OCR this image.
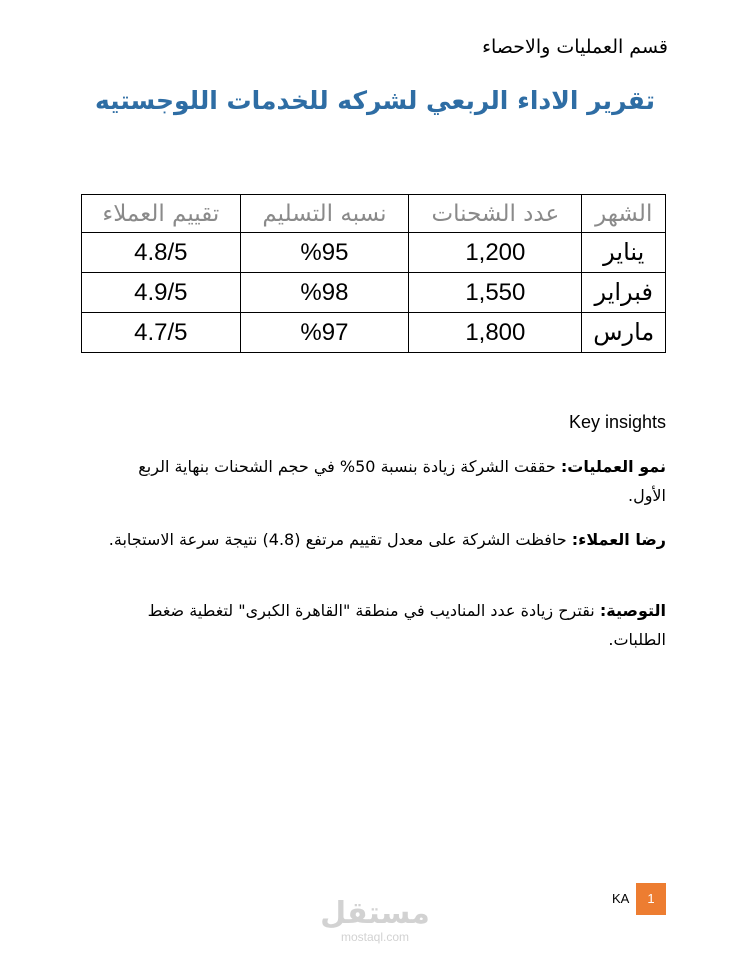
قسم العمليات والاحصاء
تقرير الاداء الربعي لشركه للخدمات اللوجستيه
الشهر	عدد الشحنات	نسبه التسليم	تقييم العملاء
يناير	1,200	%95	4.8/5
فبراير	1,550	%98	4.9/5
مارس	1,800	%97	4.7/5
Key insights
نمو العمليات: حققت الشركة زيادة بنسبة 50% في حجم الشحنات بنهاية الربع الأول.
رضا العملاء: حافظت الشركة على معدل تقييم مرتفع (4.8) نتيجة سرعة الاستجابة.
التوصية: نقترح زيادة عدد المناديب في منطقة "القاهرة الكبرى" لتغطية ضغط الطلبات.
KA	1
مستقل
mostaql.com
